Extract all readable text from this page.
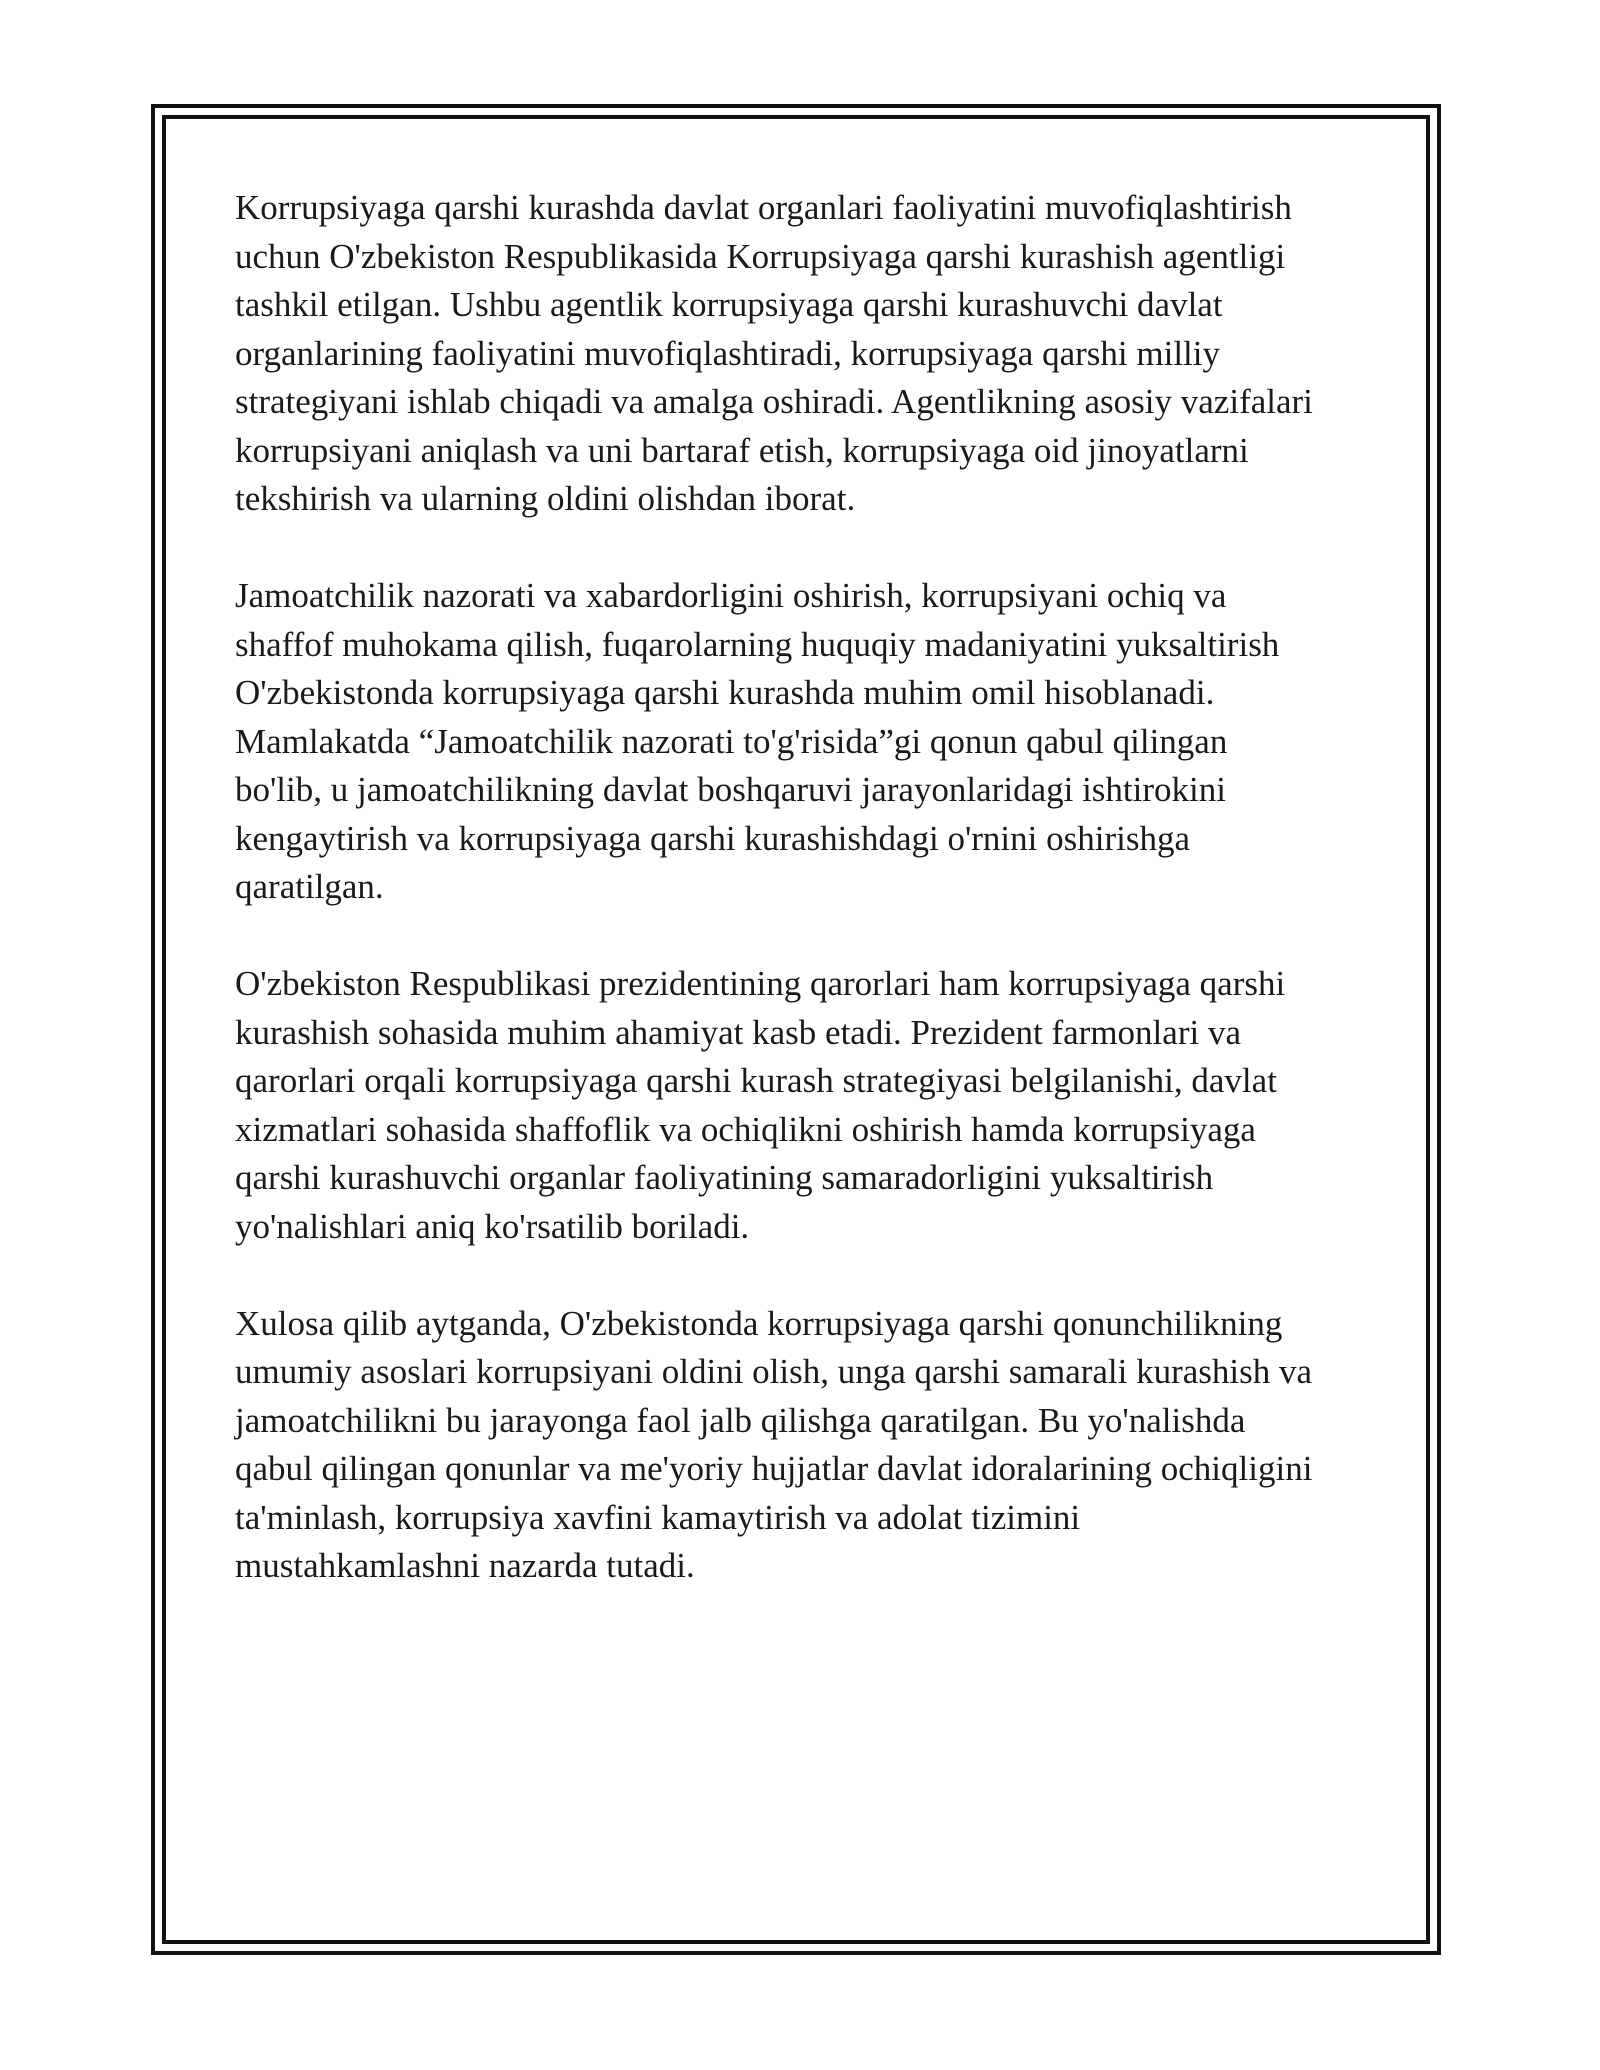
Korrupsiyaga qarshi kurashda davlat organlari faoliyatini muvofiqlashtirish
uchun O'zbekiston Respublikasida Korrupsiyaga qarshi kurashish agentligi
tashkil etilgan. Ushbu agentlik korrupsiyaga qarshi kurashuvchi davlat
organlarining faoliyatini muvofiqlashtiradi, korrupsiyaga qarshi milliy
strategiyani ishlab chiqadi va amalga oshiradi. Agentlikning asosiy vazifalari
korrupsiyani aniqlash va uni bartaraf etish, korrupsiyaga oid jinoyatlarni
tekshirish va ularning oldini olishdan iborat.

Jamoatchilik nazorati va xabardorligini oshirish, korrupsiyani ochiq va
shaffof muhokama qilish, fuqarolarning huquqiy madaniyatini yuksaltirish
O'zbekistonda korrupsiyaga qarshi kurashda muhim omil hisoblanadi.
Mamlakatda “Jamoatchilik nazorati to'g'risida”gi qonun qabul qilingan
bo'lib, u jamoatchilikning davlat boshqaruvi jarayonlaridagi ishtirokini
kengaytirish va korrupsiyaga qarshi kurashishdagi o'rnini oshirishga
qaratilgan.

O'zbekiston Respublikasi prezidentining qarorlari ham korrupsiyaga qarshi
kurashish sohasida muhim ahamiyat kasb etadi. Prezident farmonlari va
qarorlari orqali korrupsiyaga qarshi kurash strategiyasi belgilanishi, davlat
xizmatlari sohasida shaffoflik va ochiqlikni oshirish hamda korrupsiyaga
qarshi kurashuvchi organlar faoliyatining samaradorligini yuksaltirish
yo'nalishlari aniq ko'rsatilib boriladi.

Xulosa qilib aytganda, O'zbekistonda korrupsiyaga qarshi qonunchilikning
umumiy asoslari korrupsiyani oldini olish, unga qarshi samarali kurashish va
jamoatchilikni bu jarayonga faol jalb qilishga qaratilgan. Bu yo'nalishda
qabul qilingan qonunlar va me'yoriy hujjatlar davlat idoralarining ochiqligini
ta'minlash, korrupsiya xavfini kamaytirish va adolat tizimini
mustahkamlashni nazarda tutadi.
